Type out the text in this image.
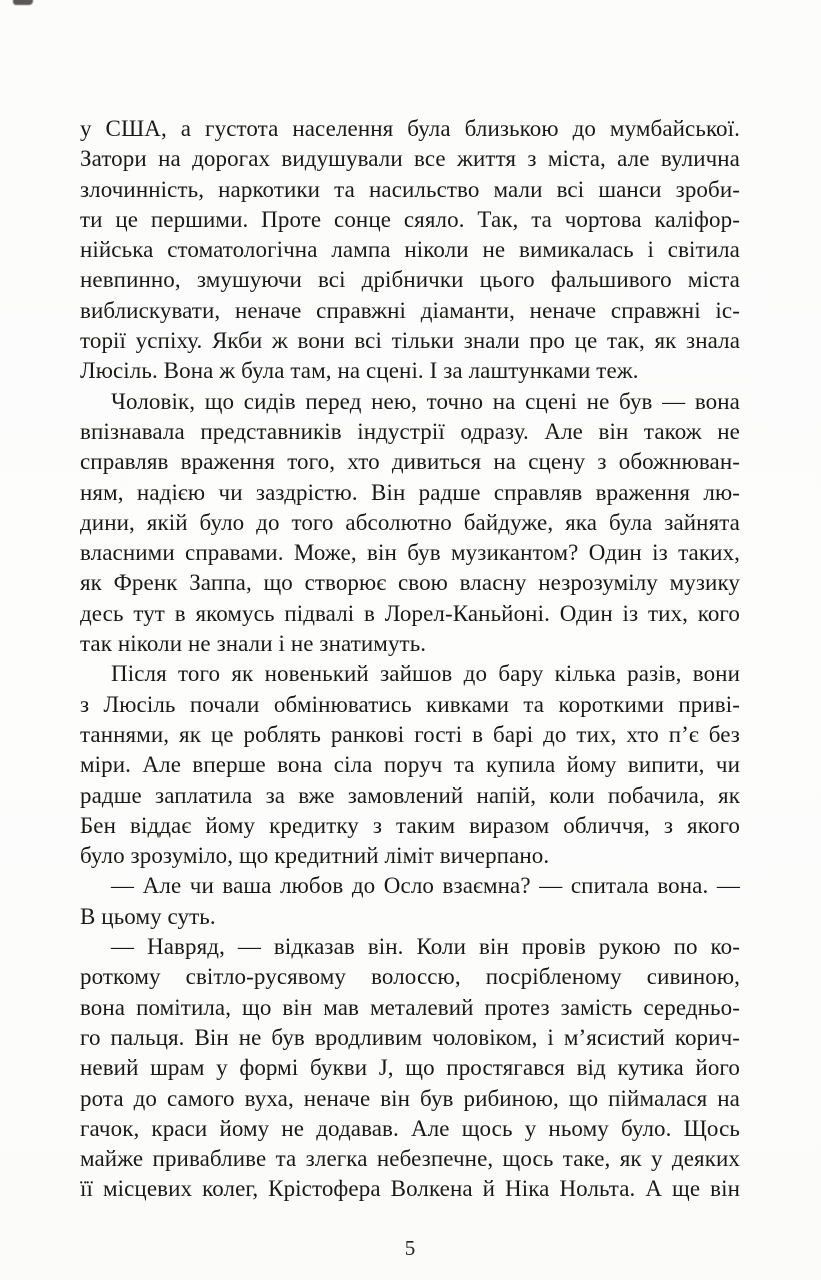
у США, а густота населення була близькою до мумбайської.
Затори на дорогах видушували все життя з міста, але вулична
злочинність, наркотики та насильство мали всі шанси зроби-
ти це першими. Проте сонце сяяло. Так, та чортова каліфор-
нійська стоматологічна лампа ніколи не вимикалась і світила
невпинно, змушуючи всі дрібнички цього фальшивого міста
виблискувати, неначе справжні діаманти, неначе справжні іс-
торії успіху. Якби ж вони всі тільки знали про це так, як знала
Люсіль. Вона ж була там, на сцені. І за лаштунками теж.

Чоловік, що сидів перед нею, точно на сцені не був — вона
впізнавала представників індустрії одразу. Але він також не
справляв враження того, хто дивиться на сцену з обожнюван-
ням, надією чи заздрістю. Він радше справляв враження лю-
дини, якій було до того абсолютно байдуже, яка була зайнята
власними справами. Може, він був музикантом? Один із таких,
як Френк Заппа, що створює свою власну незрозумілу музику
десь тут в якомусь підвалі в Лорел-Каньйоні. Один із тих, кого
так ніколи не знали і не знатимуть.

Після того як новенький зайшов до бару кілька разів, вони
з Люсіль почали обмінюватись кивками та короткими приві-
таннями, як це роблять ранкові гості в барі до тих, хто п’є без
міри. Але вперше вона сіла поруч та купила йому випити, чи
радше заплатила за вже замовлений напій, коли побачила, як
Бен віддає йому кредитку з таким виразом обличчя, з якого
було зрозуміло, що кредитний ліміт вичерпано.

— Але чи ваша любов до Осло взаємна? — спитала вона. —
В цьому суть.

— Навряд, — відказав він. Коли він провів рукою по ко-
роткому світло-русявому волоссю, посрібленому сивиною,
вона помітила, що він мав металевий протез замість середньо-
го пальця. Він не був вродливим чоловіком, і м’ясистий корич-
невий шрам у формі букви J, що простягався від кутика його
рота до самого вуха, неначе він був рибиною, що піймалася на
гачок, краси йому не додавав. Але щось у ньому було. Щось
майже привабливе та злегка небезпечне, щось таке, як у деяких
її місцевих колег, Крістофера Волкена й Ніка Нольта. А ще він

5
